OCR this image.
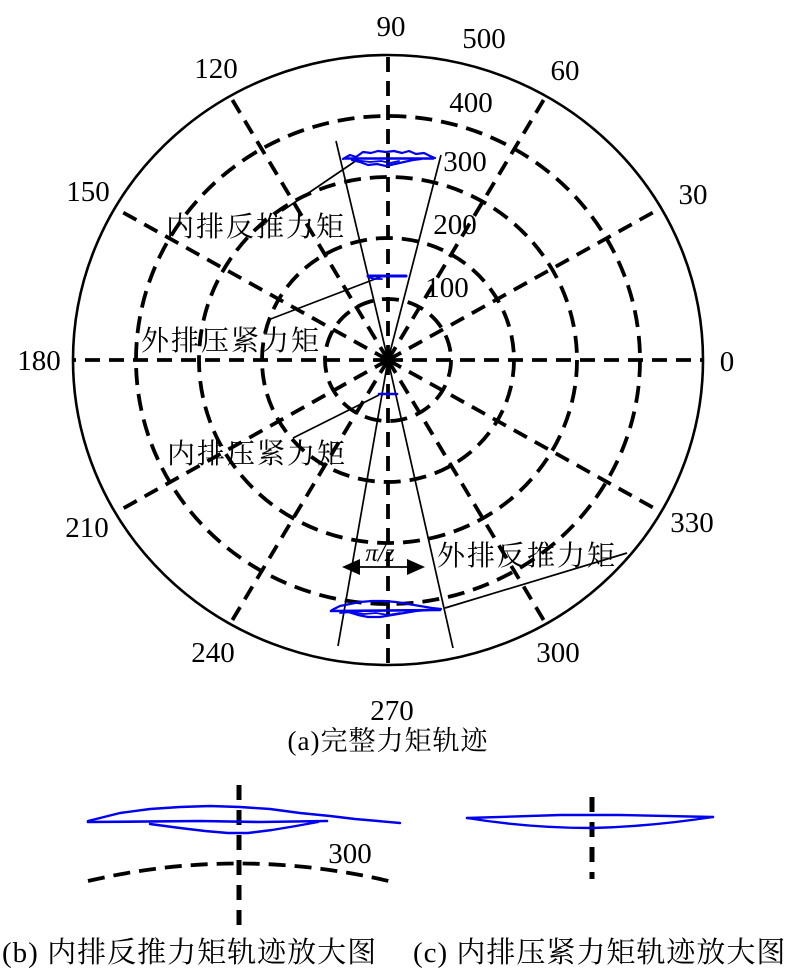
0
30
60
90
120
150
180
210
240
270
300
330
100
200
300
400
500
内排反推力矩
外排压紧力矩
内排压紧力矩
外排反推力矩
π/z
(a)完整力矩轨迹
300
(b) 内排反推力矩轨迹放大图 (c) 内排压紧力矩轨迹放大图
